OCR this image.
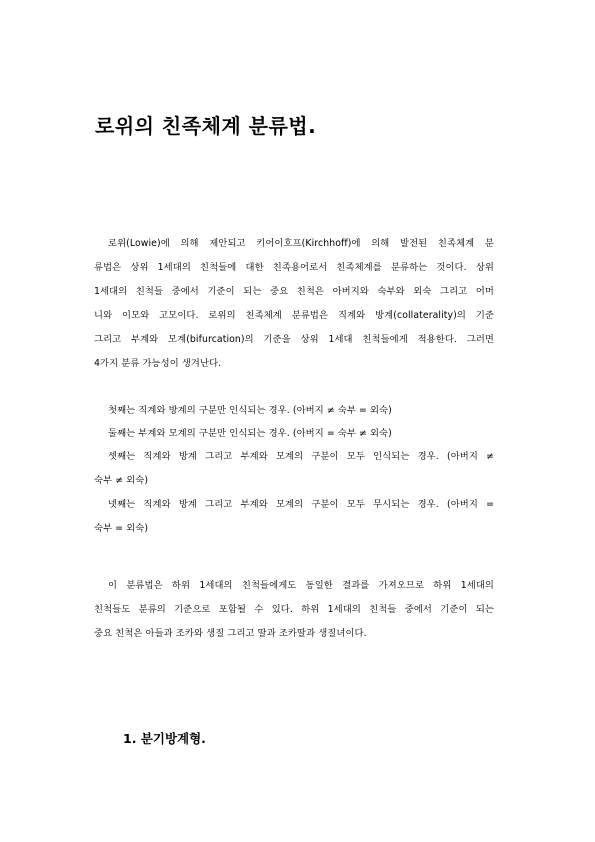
로위의 친족체계 분류법.
로위(Lowie)에 의해 제안되고 키어이호프(Kirchhoff)에 의해 발전된 친족체계 분
류법은 상위 1세대의 친척들에 대한 친족용어로서 친족체계를 분류하는 것이다. 상위
1세대의 친척들 중에서 기준이 되는 중요 친척은 아버지와 숙부와 외숙 그리고 어머
니와 이모와 고모이다. 로위의 친족체계 분류법은 직계와 방계(collaterality)의 기준
그리고 부계와 모계(bifurcation)의 기준을 상위 1세대 친척들에게 적용한다. 그러면
4가지 분류 가능성이 생겨난다.
첫째는 직계와 방계의 구분만 인식되는 경우. (아버지 ≠ 숙부 = 외숙)
둘째는 부계와 모계의 구분만 인식되는 경우. (아버지 = 숙부 ≠ 외숙)
셋째는 직계와 방계 그리고 부계와 모계의 구분이 모두 인식되는 경우. (아버지 ≠
숙부 ≠ 외숙)
넷째는 직계와 방계 그리고 부계와 모계의 구분이 모두 무시되는 경우. (아버지 =
숙부 = 외숙)
이 분류법은 하위 1세대의 친척들에게도 동일한 결과를 가져오므로 하위 1세대의
친척들도 분류의 기준으로 포함될 수 있다. 하위 1세대의 친척들 중에서 기준이 되는
중요 친척은 아들과 조카와 생질 그리고 딸과 조카딸과 생질녀이다.
1. 분기방계형.
